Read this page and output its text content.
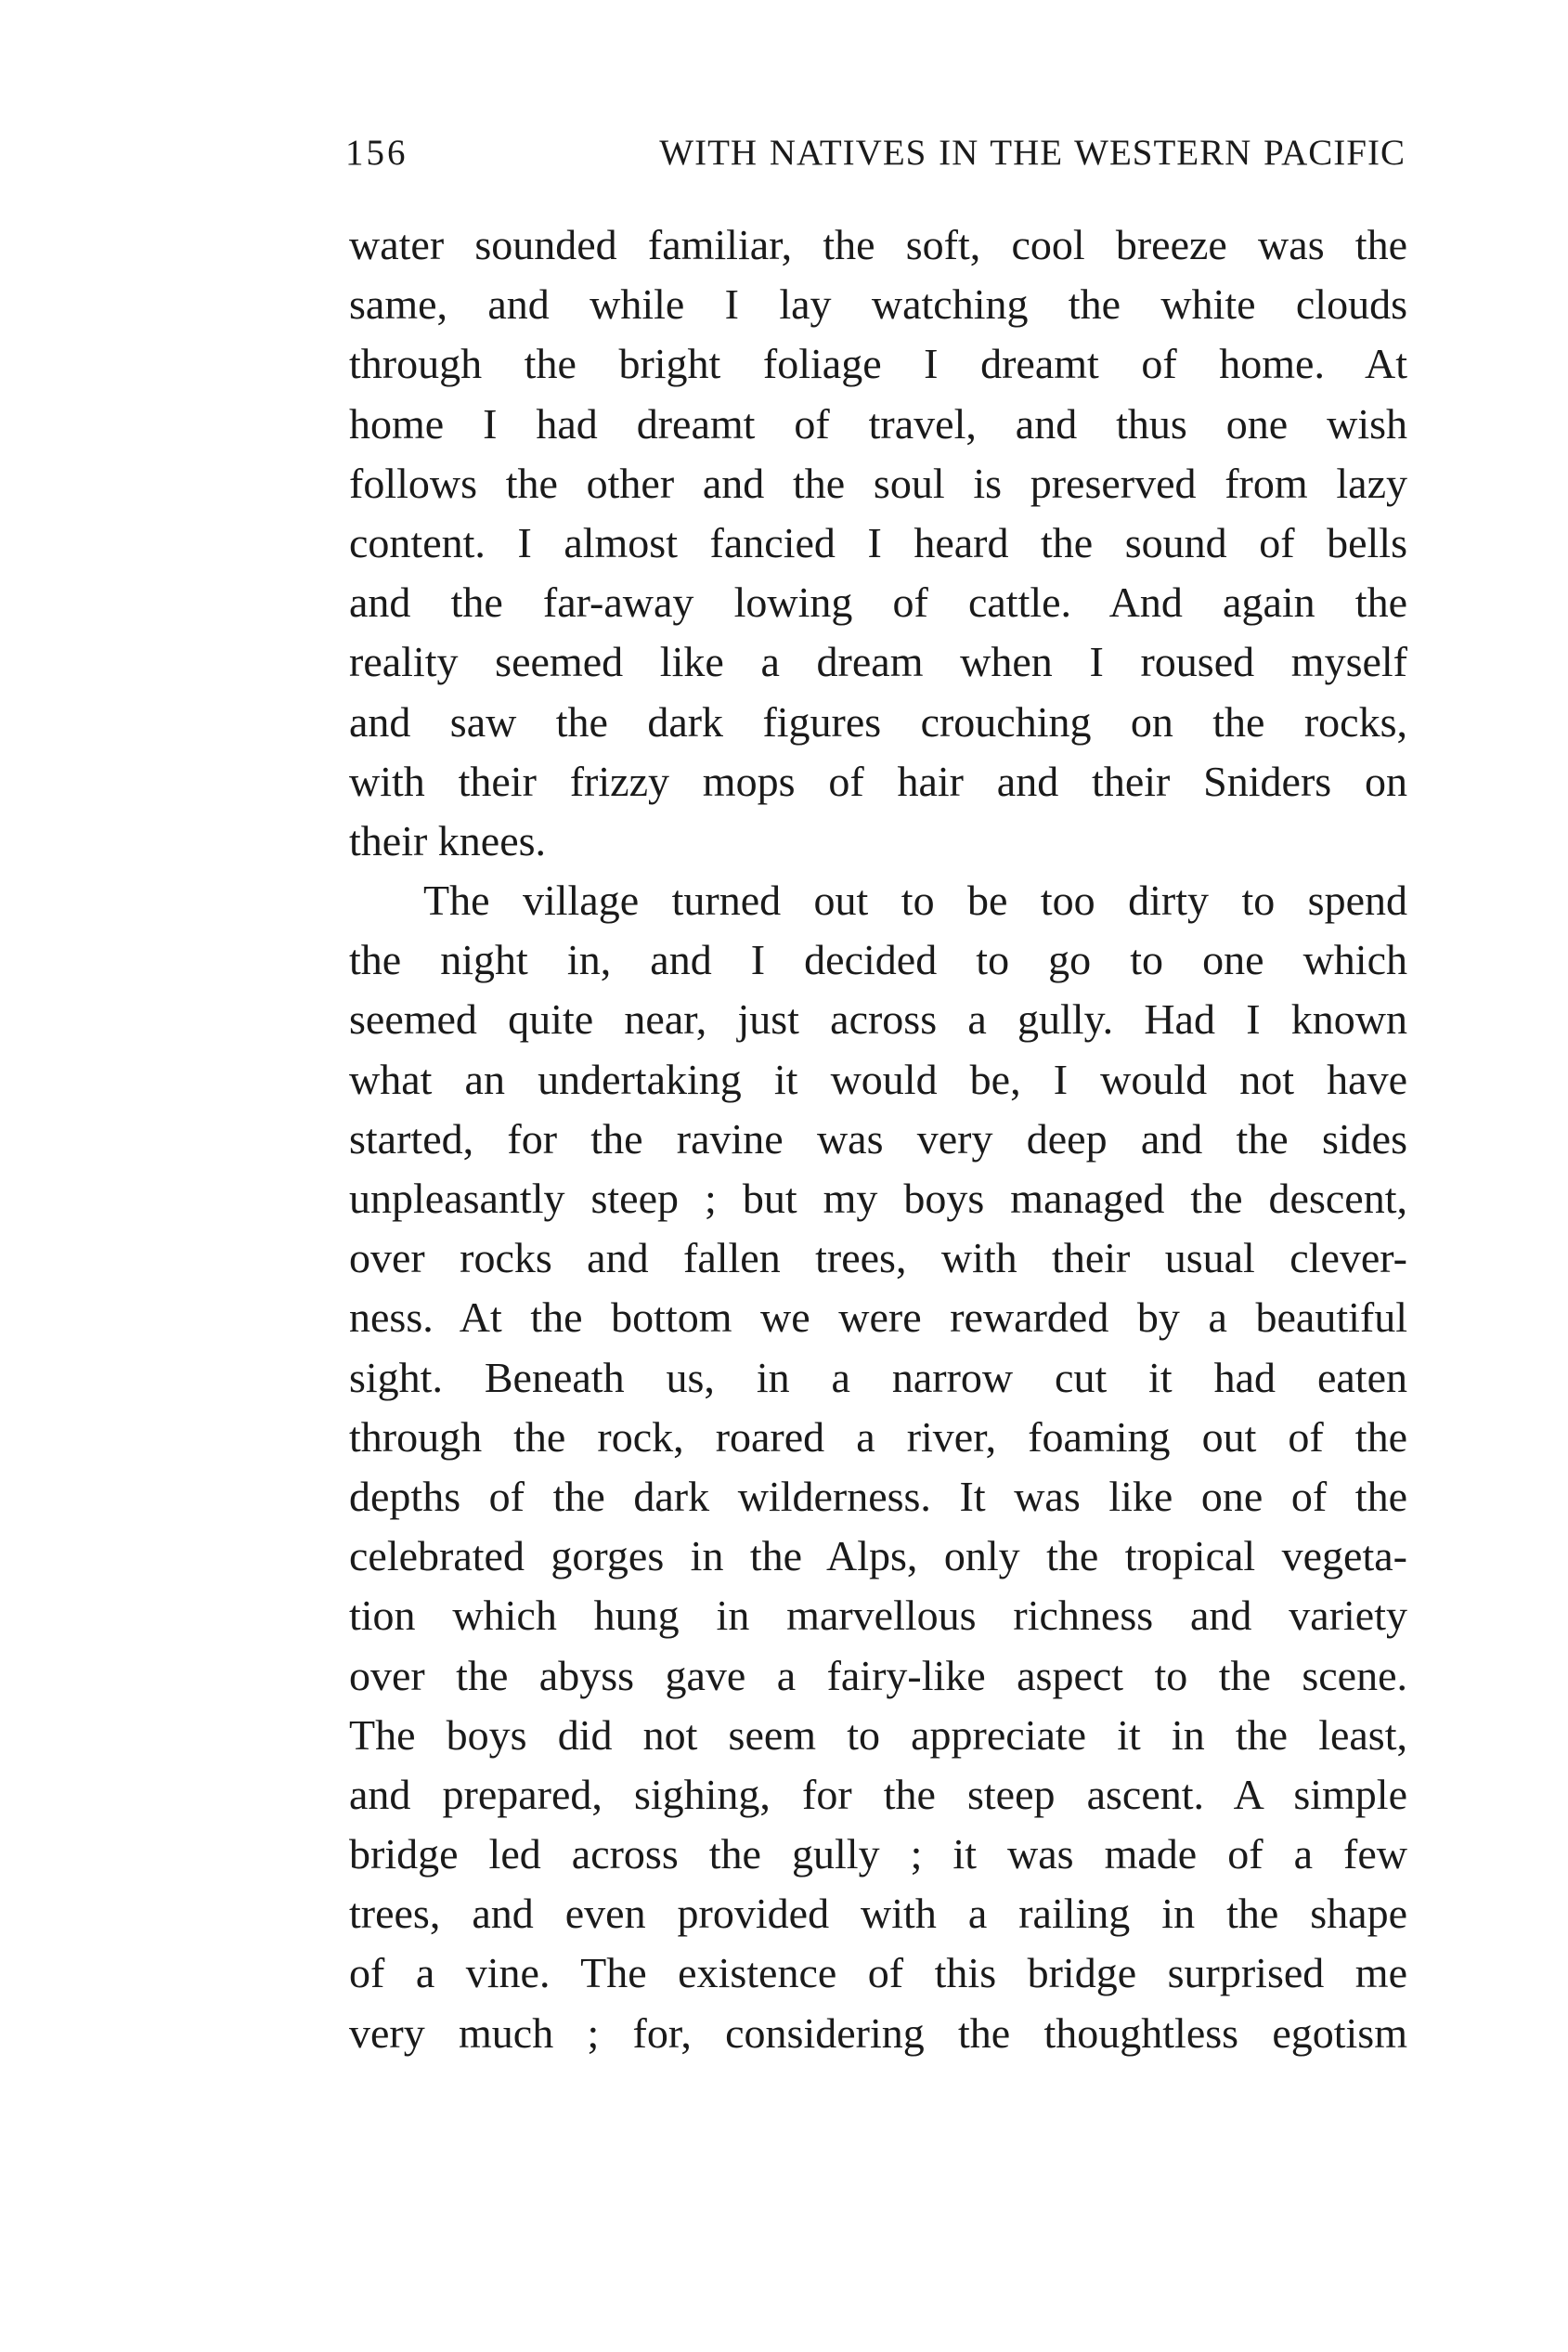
156	WITH NATIVES IN THE WESTERN PACIFIC
water sounded familiar, the soft, cool breeze was the
same, and while I lay watching the white clouds
through the bright foliage I dreamt of home. At
home I had dreamt of travel, and thus one wish
follows the other and the soul is preserved from lazy
content. I almost fancied I heard the sound of bells
and the far-away lowing of cattle. And again the
reality seemed like a dream when I roused myself
and saw the dark figures crouching on the rocks,
with their frizzy mops of hair and their Sniders on
their knees.
The village turned out to be too dirty to spend
the night in, and I decided to go to one which
seemed quite near, just across a gully. Had I known
what an undertaking it would be, I would not have
started, for the ravine was very deep and the sides
unpleasantly steep ; but my boys managed the descent,
over rocks and fallen trees, with their usual clever-
ness. At the bottom we were rewarded by a beautiful
sight. Beneath us, in a narrow cut it had eaten
through the rock, roared a river, foaming out of the
depths of the dark wilderness. It was like one of the
celebrated gorges in the Alps, only the tropical vegeta-
tion which hung in marvellous richness and variety
over the abyss gave a fairy-like aspect to the scene.
The boys did not seem to appreciate it in the least,
and prepared, sighing, for the steep ascent. A simple
bridge led across the gully ; it was made of a few
trees, and even provided with a railing in the shape
of a vine. The existence of this bridge surprised me
very much ; for, considering the thoughtless egotism
